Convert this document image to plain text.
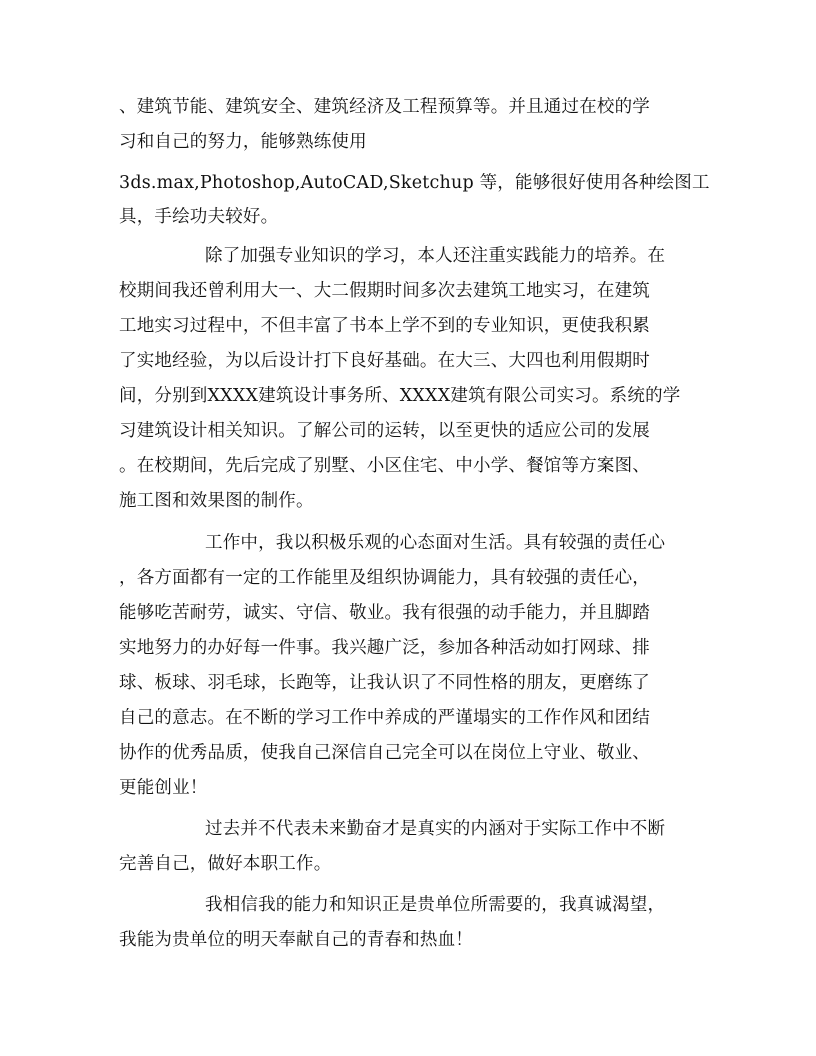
、建筑节能、建筑安全、建筑经济及工程预算等。并且通过在校的学
习和自己的努力，能够熟练使用
3ds.max,Photoshop,AutoCAD,Sketchup 等，能够很好使用各种绘图工
具，手绘功夫较好。
除了加强专业知识的学习，本人还注重实践能力的培养。在
校期间我还曾利用大一、大二假期时间多次去建筑工地实习，在建筑
工地实习过程中，不但丰富了书本上学不到的专业知识，更使我积累
了实地经验，为以后设计打下良好基础。在大三、大四也利用假期时
间，分别到XXXX建筑设计事务所、XXXX建筑有限公司实习。系统的学
习建筑设计相关知识。了解公司的运转，以至更快的适应公司的发展
。在校期间，先后完成了别墅、小区住宅、中小学、餐馆等方案图、
施工图和效果图的制作。
工作中，我以积极乐观的心态面对生活。具有较强的责任心
，各方面都有一定的工作能里及组织协调能力，具有较强的责任心，
能够吃苦耐劳，诚实、守信、敬业。我有很强的动手能力，并且脚踏
实地努力的办好每一件事。我兴趣广泛，参加各种活动如打网球、排
球、板球、羽毛球，长跑等，让我认识了不同性格的朋友，更磨练了
自己的意志。在不断的学习工作中养成的严谨塌实的工作作风和团结
协作的优秀品质，使我自己深信自己完全可以在岗位上守业、敬业、
更能创业！
过去并不代表未来勤奋才是真实的内涵对于实际工作中不断
完善自己，做好本职工作。
我相信我的能力和知识正是贵单位所需要的，我真诚渴望，
我能为贵单位的明天奉献自己的青春和热血！
